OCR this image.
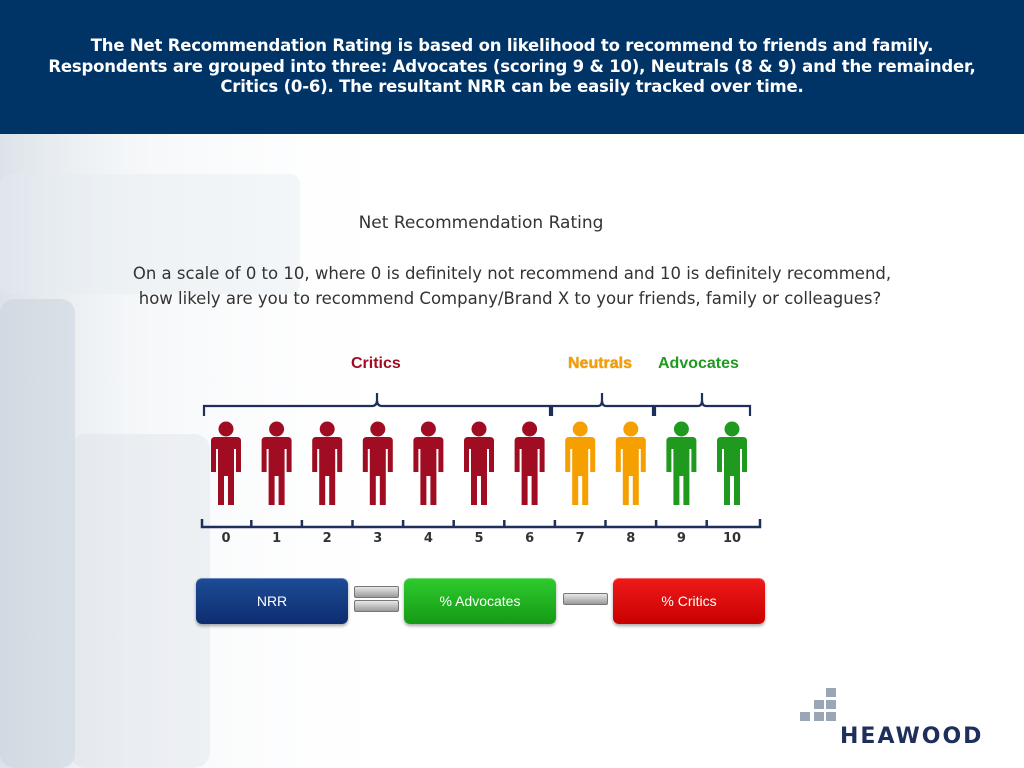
The Net Recommendation Rating is based on likelihood to recommend to friends and family.
Respondents are grouped into three: Advocates (scoring 9 & 10), Neutrals (8 & 9) and the remainder,
Critics (0-6). The resultant NRR can be easily tracked over time.
Net Recommendation Rating
On a scale of 0 to 10, where 0 is definitely not recommend and 10 is definitely recommend,
how likely are you to recommend Company/Brand X to your friends, family or colleagues?
Critics	Neutrals Advocates
0	1	2	3	4	5	6	7	8	9	10
NRR	% Advocates	% Critics
HEAWOOD
